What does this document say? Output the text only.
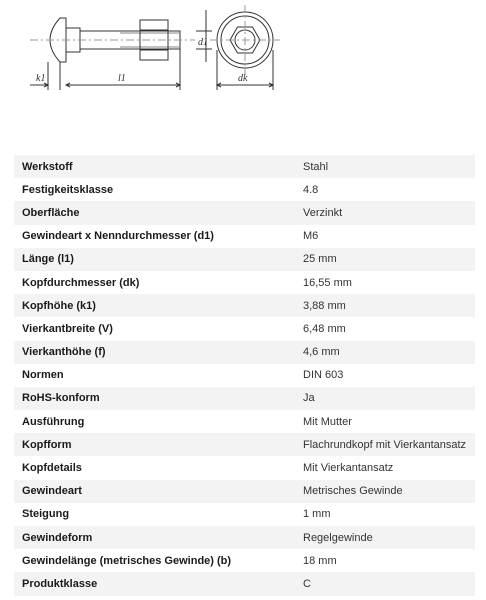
k1	l1
d1
dk
Werkstoff	Stahl
Festigkeitsklasse	4.8
Oberfläche	Verzinkt
Gewindeart x Nenndurchmesser (d1)	M6
Länge (l1)	25 mm
Kopfdurchmesser (dk)	16,55 mm
Kopfhöhe (k1)	3,88 mm
Vierkantbreite (V)	6,48 mm
Vierkanthöhe (f)	4,6 mm
Normen	DIN 603
RoHS-konform	Ja
Ausführung	Mit Mutter
Kopfform	Flachrundkopf mit Vierkantansatz
Kopfdetails	Mit Vierkantansatz
Gewindeart	Metrisches Gewinde
Steigung	1 mm
Gewindeform	Regelgewinde
Gewindelänge (metrisches Gewinde) (b)	18 mm
Produktklasse	C
